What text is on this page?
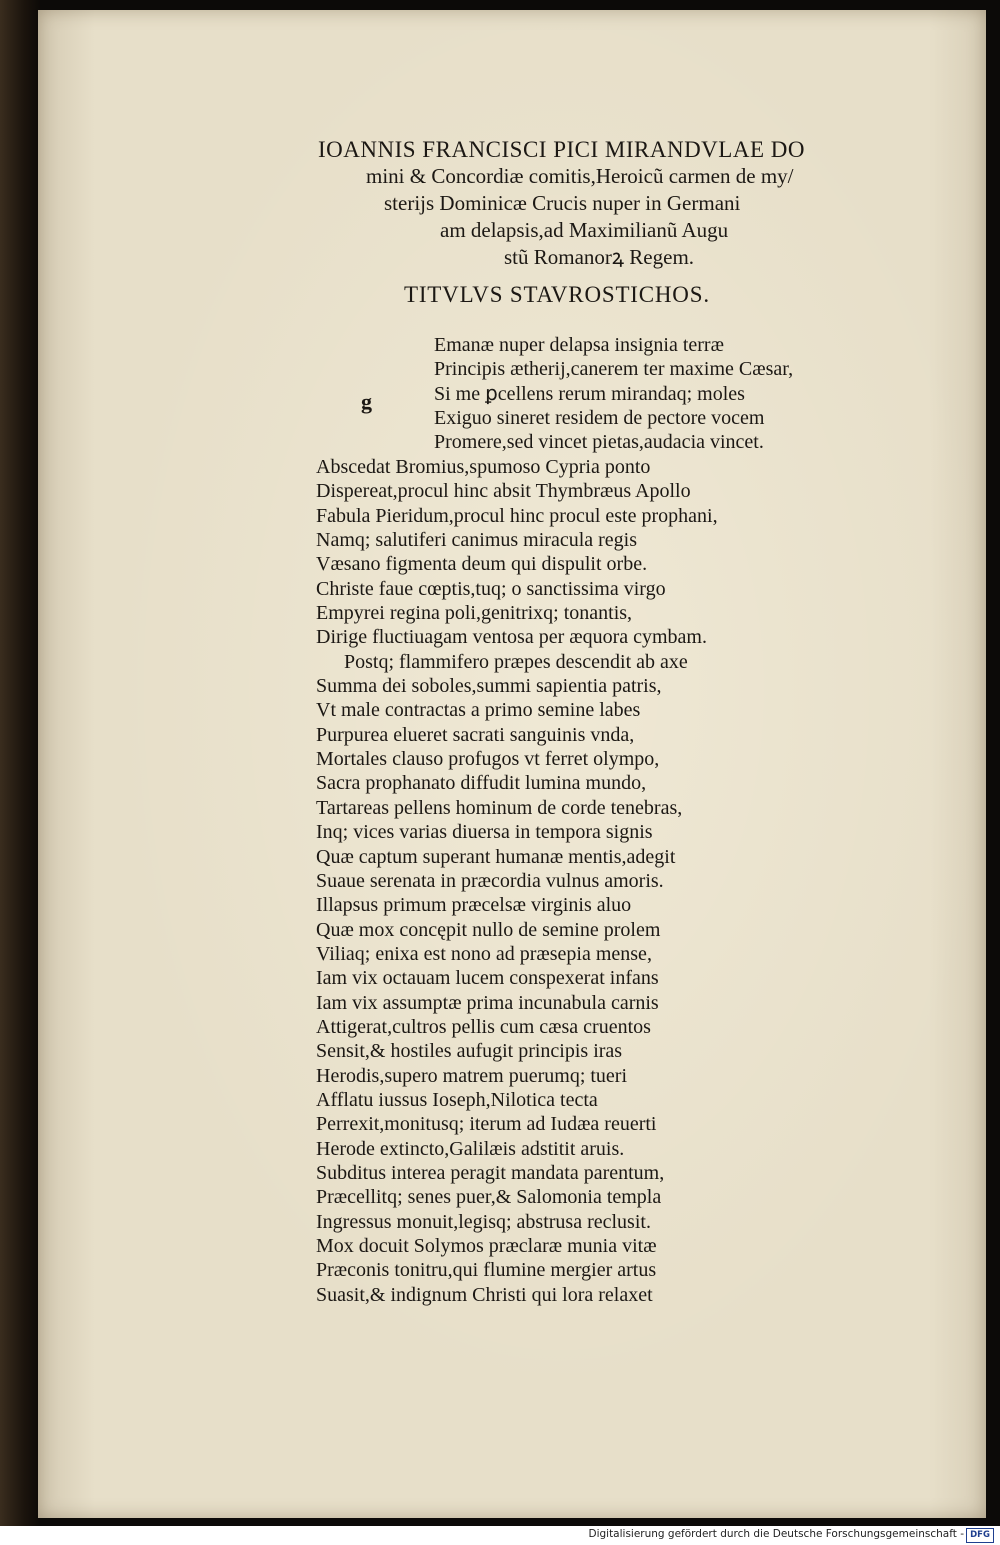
IOANNIS FRANCISCI PICI MIRANDVLAE DO
mini & Concordiæ comitis,Heroicũ carmen de my/
sterijs Dominicæ Crucis nuper in Germani
am delapsis,ad Maximilianũ Augu
stũ Romanorꝝ Regem.
TITVLVS STAVROSTICHOS.
g
Emanæ nuper delapsa insignia terræ
Principis ætherij,canerem ter maxime Cæsar,
Si me ꝑcellens rerum mirandaq; moles
Exiguo sineret residem de pectore vocem
Promere,sed vincet pietas,audacia vincet.
Abscedat Bromius,spumoso Cypria ponto
Dispereat,procul hinc absit Thymbræus Apollo
Fabula Pieridum,procul hinc procul este prophani,
Namq; salutiferi canimus miracula regis
Væsano figmenta deum qui dispulit orbe.
Christe faue cœptis,tuq; o sanctissima virgo
Empyrei regina poli,genitrixq; tonantis,
Dirige fluctiuagam ventosa per æquora cymbam.
Postq; flammifero præpes descendit ab axe
Summa dei soboles,summi sapientia patris,
Vt male contractas a primo semine labes
Purpurea elueret sacrati sanguinis vnda,
Mortales clauso profugos vt ferret olympo,
Sacra prophanato diffudit lumina mundo,
Tartareas pellens hominum de corde tenebras,
Inq; vices varias diuersa in tempora signis
Quæ captum superant humanæ mentis,adegit
Suaue serenata in præcordia vulnus amoris.
Illapsus primum præcelsæ virginis aluo
Quæ mox concępit nullo de semine prolem
Viliaq; enixa est nono ad præsepia mense,
Iam vix octauam lucem conspexerat infans
Iam vix assumptæ prima incunabula carnis
Attigerat,cultros pellis cum cæsa cruentos
Sensit,& hostiles aufugit principis iras
Herodis,supero matrem puerumq; tueri
Afflatu iussus Ioseph,Nilotica tecta
Perrexit,monitusq; iterum ad Iudæa reuerti
Herode extincto,Galilæis adstitit aruis.
Subditus interea peragit mandata parentum,
Præcellitq; senes puer,& Salomonia templa
Ingressus monuit,legisq; abstrusa reclusit.
Mox docuit Solymos præclaræ munia vitæ
Præconis tonitru,qui flumine mergier artus
Suasit,& indignum Christi qui lora relaxet
Digitalisierung gefördert durch die Deutsche Forschungsgemeinschaft - DFG
